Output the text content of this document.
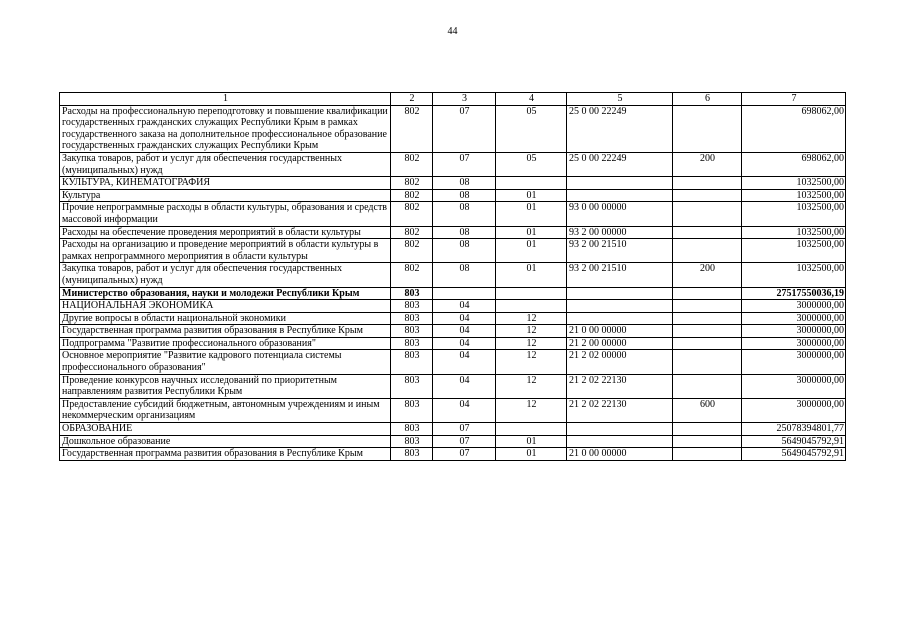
44
1	2	3	4	5	6	7
Расходы на профессиональную переподготовку и повышение квалификации государственных гражданских служащих Республики Крым в рамках государственного заказа на дополнительное профессиональное образование государственных гражданских служащих Республики Крым	802	07	05	25 0 00 22249		698062,00
Закупка товаров, работ и услуг для обеспечения государственных (муниципальных) нужд	802	07	05	25 0 00 22249	200	698062,00
КУЛЬТУРА, КИНЕМАТОГРАФИЯ	802	08				1032500,00
Культура	802	08	01			1032500,00
Прочие непрограммные расходы в области культуры, образования и средств массовой информации	802	08	01	93 0 00 00000		1032500,00
Расходы на обеспечение проведения мероприятий в области культуры	802	08	01	93 2 00 00000		1032500,00
Расходы на организацию и проведение мероприятий в области культуры в рамках непрограммного мероприятия в области культуры	802	08	01	93 2 00 21510		1032500,00
Закупка товаров, работ и услуг для обеспечения государственных (муниципальных) нужд	802	08	01	93 2 00 21510	200	1032500,00
Министерство образования, науки и молодежи Республики Крым	803					27517550036,19
НАЦИОНАЛЬНАЯ ЭКОНОМИКА	803	04				3000000,00
Другие вопросы в области национальной экономики	803	04	12			3000000,00
Государственная программа развития образования в Республике Крым	803	04	12	21 0 00 00000		3000000,00
Подпрограмма "Развитие профессионального образования"	803	04	12	21 2 00 00000		3000000,00
Основное мероприятие "Развитие кадрового потенциала системы профессионального образования"	803	04	12	21 2 02 00000		3000000,00
Проведение конкурсов научных исследований по приоритетным направлениям развития Республики Крым	803	04	12	21 2 02 22130		3000000,00
Предоставление субсидий бюджетным, автономным учреждениям и иным некоммерческим организациям	803	04	12	21 2 02 22130	600	3000000,00
ОБРАЗОВАНИЕ	803	07				25078394801,77
Дошкольное образование	803	07	01			5649045792,91
Государственная программа развития образования в Республике Крым	803	07	01	21 0 00 00000		5649045792,91
